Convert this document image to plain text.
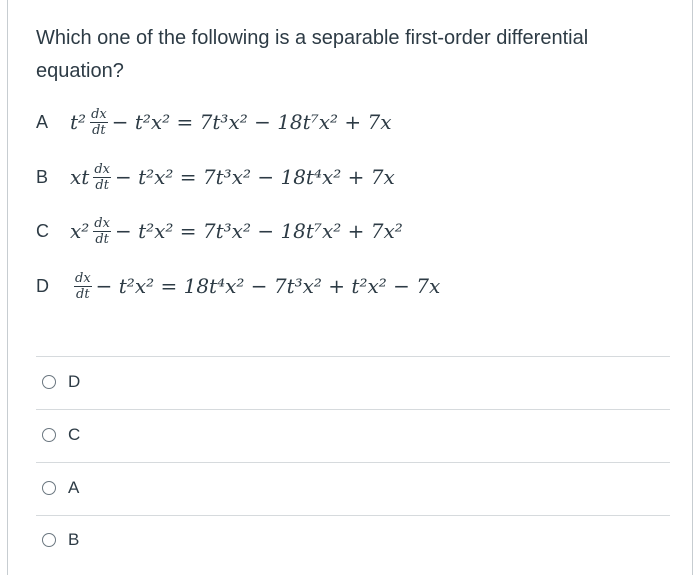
Which one of the following is a separable first-order differential equation?
A	$t^2 \frac{dx}{dt} - t^2x^2 = 7t^3x^2 - 18t^7x^2 + 7x$
B	xt $\frac{dx}{dt} - t^2x^2 = 7t^3x^2 - 18t^4x^2 + 7x$
C	$x^2 \frac{dx}{dt} - t^2x^2 = 7t^3x^2 - 18t^7x^2 + 7x^2$
D	$\frac{dx}{dt} - t^2x^2 = 18t^4x^2 - 7t^3x^2 + t^2x^2 - 7x$
D
C
A
B
